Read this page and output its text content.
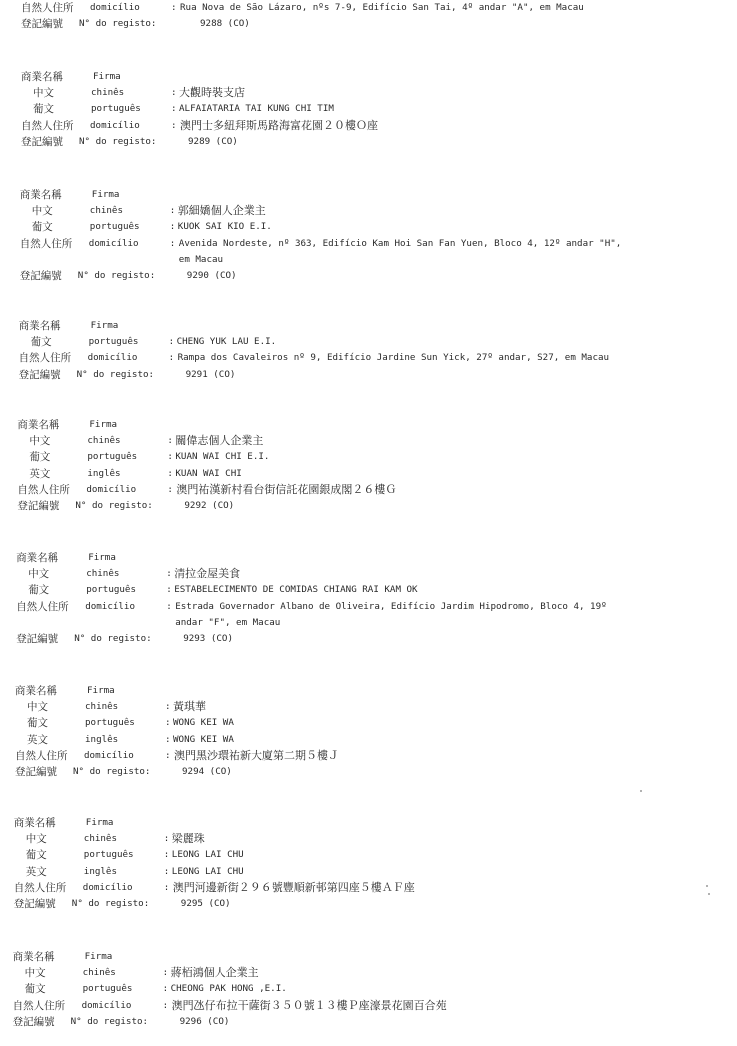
自然人住所 domicílio	: Rua Nova de São Lázaro, nºs 7-9, Edifício San Tai, 4º andar "A", em Macau
登記編號 N° do registo:	9288 (CO)
商業名稱	Firma
中文	chinês	: 大觀時裝支店
葡文	português	: ALFAIATARIA TAI KUNG CHI TIM
自然人住所 domicílio	: 澳門士多紐拜斯馬路海富花園２０樓Ｏ座
登記編號 N° do registo:	9289 (CO)
商業名稱	Firma
中文	chinês	: 郭細嬌個人企業主
葡文	português	: KUOK SAI KIO E.I.
自然人住所 domicílio	: Avenida Nordeste, nº 363, Edifício Kam Hoi San Fan Yuen, Bloco 4, 12º andar "H",
em Macau
登記編號 N° do registo:	9290 (CO)
商業名稱	Firma
葡文	português	: CHENG YUK LAU E.I.
自然人住所 domicílio	: Rampa dos Cavaleiros nº 9, Edifício Jardine Sun Yick, 27º andar, S27, em Macau
登記編號 N° do registo:	9291 (CO)
商業名稱	Firma
中文	chinês	: 關偉志個人企業主
葡文	português	: KUAN WAI CHI E.I.
英文	inglês	: KUAN WAI CHI
自然人住所 domicílio	: 澳門祐漢新村看台街信託花園銀成閣２６樓Ｇ
登記編號 N° do registo:	9292 (CO)
商業名稱	Firma
中文	chinês	: 清拉金屋美食
葡文	português	: ESTABELECIMENTO DE COMIDAS CHIANG RAI KAM OK
自然人住所 domicílio	: Estrada Governador Albano de Oliveira, Edifício Jardim Hipodromo, Bloco 4, 19º
andar "F", em Macau
登記編號 N° do registo:	9293 (CO)
商業名稱	Firma
中文	chinês	: 黃琪華
葡文	português	: WONG KEI WA
英文	inglês	: WONG KEI WA
自然人住所 domicílio	: 澳門黑沙環祐新大廈第二期５樓Ｊ
登記編號 N° do registo:	9294 (CO)
商業名稱	Firma
中文	chinês	: 梁麗珠
葡文	português	: LEONG LAI CHU
英文	inglês	: LEONG LAI CHU
自然人住所 domicílio	: 澳門河邊新街２９６號豐順新邨第四座５樓ＡＦ座
登記編號 N° do registo:	9295 (CO)
商業名稱	Firma
中文	chinês	: 蔣栢鴻個人企業主
葡文	português	: CHEONG PAK HONG ,E.I.
自然人住所 domicílio	: 澳門氹仔布拉干薩街３５０號１３樓Ｐ座濠景花園百合苑
登記編號 N° do registo:	9296 (CO)
